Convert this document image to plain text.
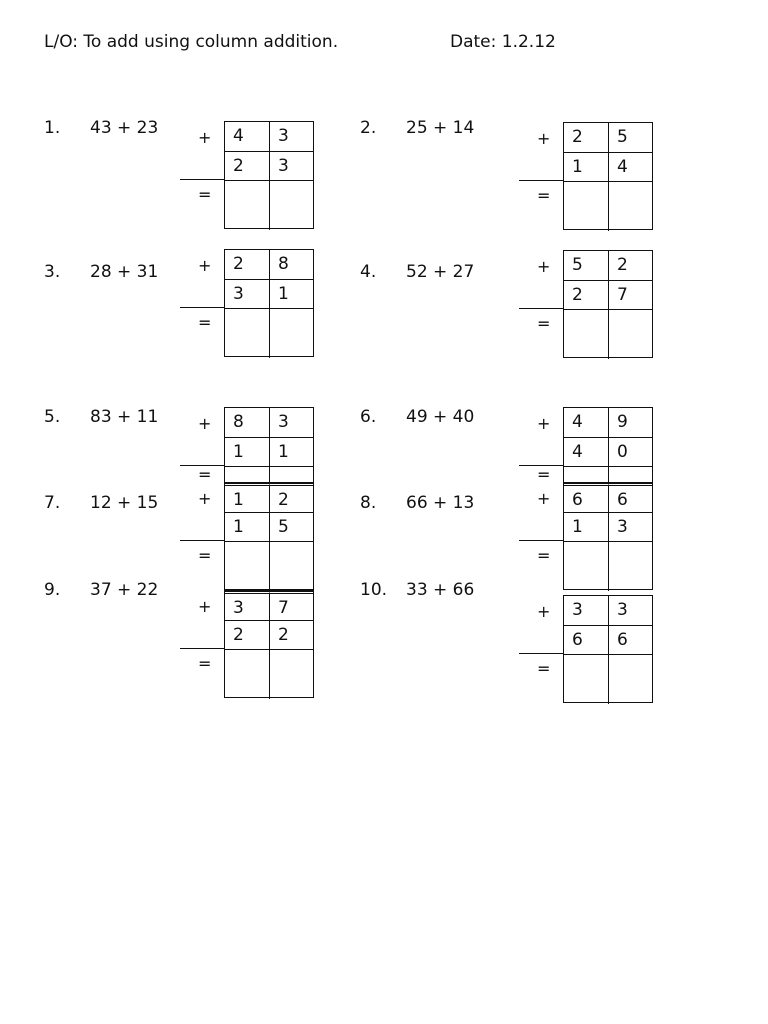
L/O: To add using column addition.	Date: 1.2.12
1. 43 + 23	4	3
2	3
+
=
2. 25 + 14	2	5
1	4
+
=
3. 28 + 31	2	8
3	1
+
=
4. 52 + 27	5	2
2	7
+
=
5. 83 + 11	8	3
1	1
+
=
6. 49 + 40	4	9
4	0
+
=
7. 12 + 15	1	2
1	5
+
=
8. 66 + 13	6	6
1	3
+
=
9. 37 + 22
3	7
2	2
+
=
10. 33 + 66
3	3
6	6
+
=
